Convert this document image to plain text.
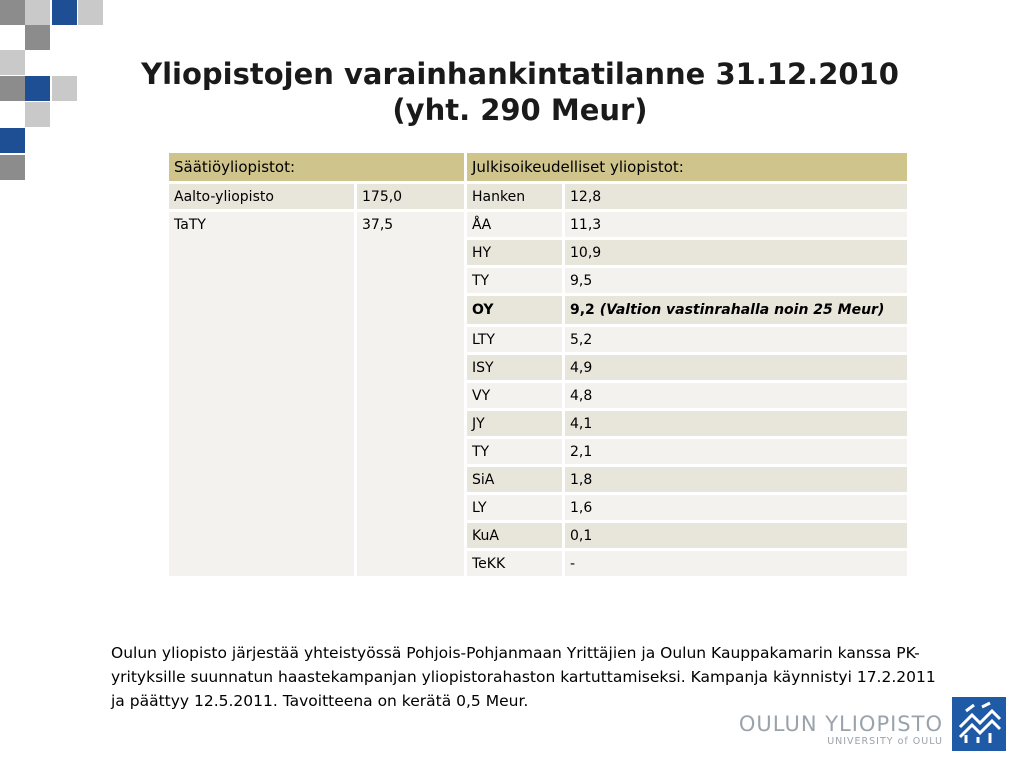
Yliopistojen varainhankintatilanne 31.12.2010
(yht. 290 Meur)
Säätiöyliopistot:		Julkisoikeudelliset yliopistot:	
Aalto-yliopisto	175,0	Hanken	12,8
TaTY	37,5	ÅA	11,3
		HY	10,9
		TY	9,5
		OY	9,2 (Valtion vastinrahalla noin 25 Meur)
		LTY	5,2
		ISY	4,9
		VY	4,8
		JY	4,1
		TY	2,1
		SiA	1,8
		LY	1,6
		KuA	0,1
		TeKK	-
Oulun yliopisto järjestää yhteistyössä Pohjois-Pohjanmaan Yrittäjien ja Oulun Kauppakamarin kanssa PK-yrityksille suunnatun haastekampanjan yliopistorahaston kartuttamiseksi. Kampanja käynnistyi 17.2.2011 ja päättyy 12.5.2011. Tavoitteena on kerätä 0,5 Meur.
OULUN YLIOPISTO
UNIVERSITY of OULU
